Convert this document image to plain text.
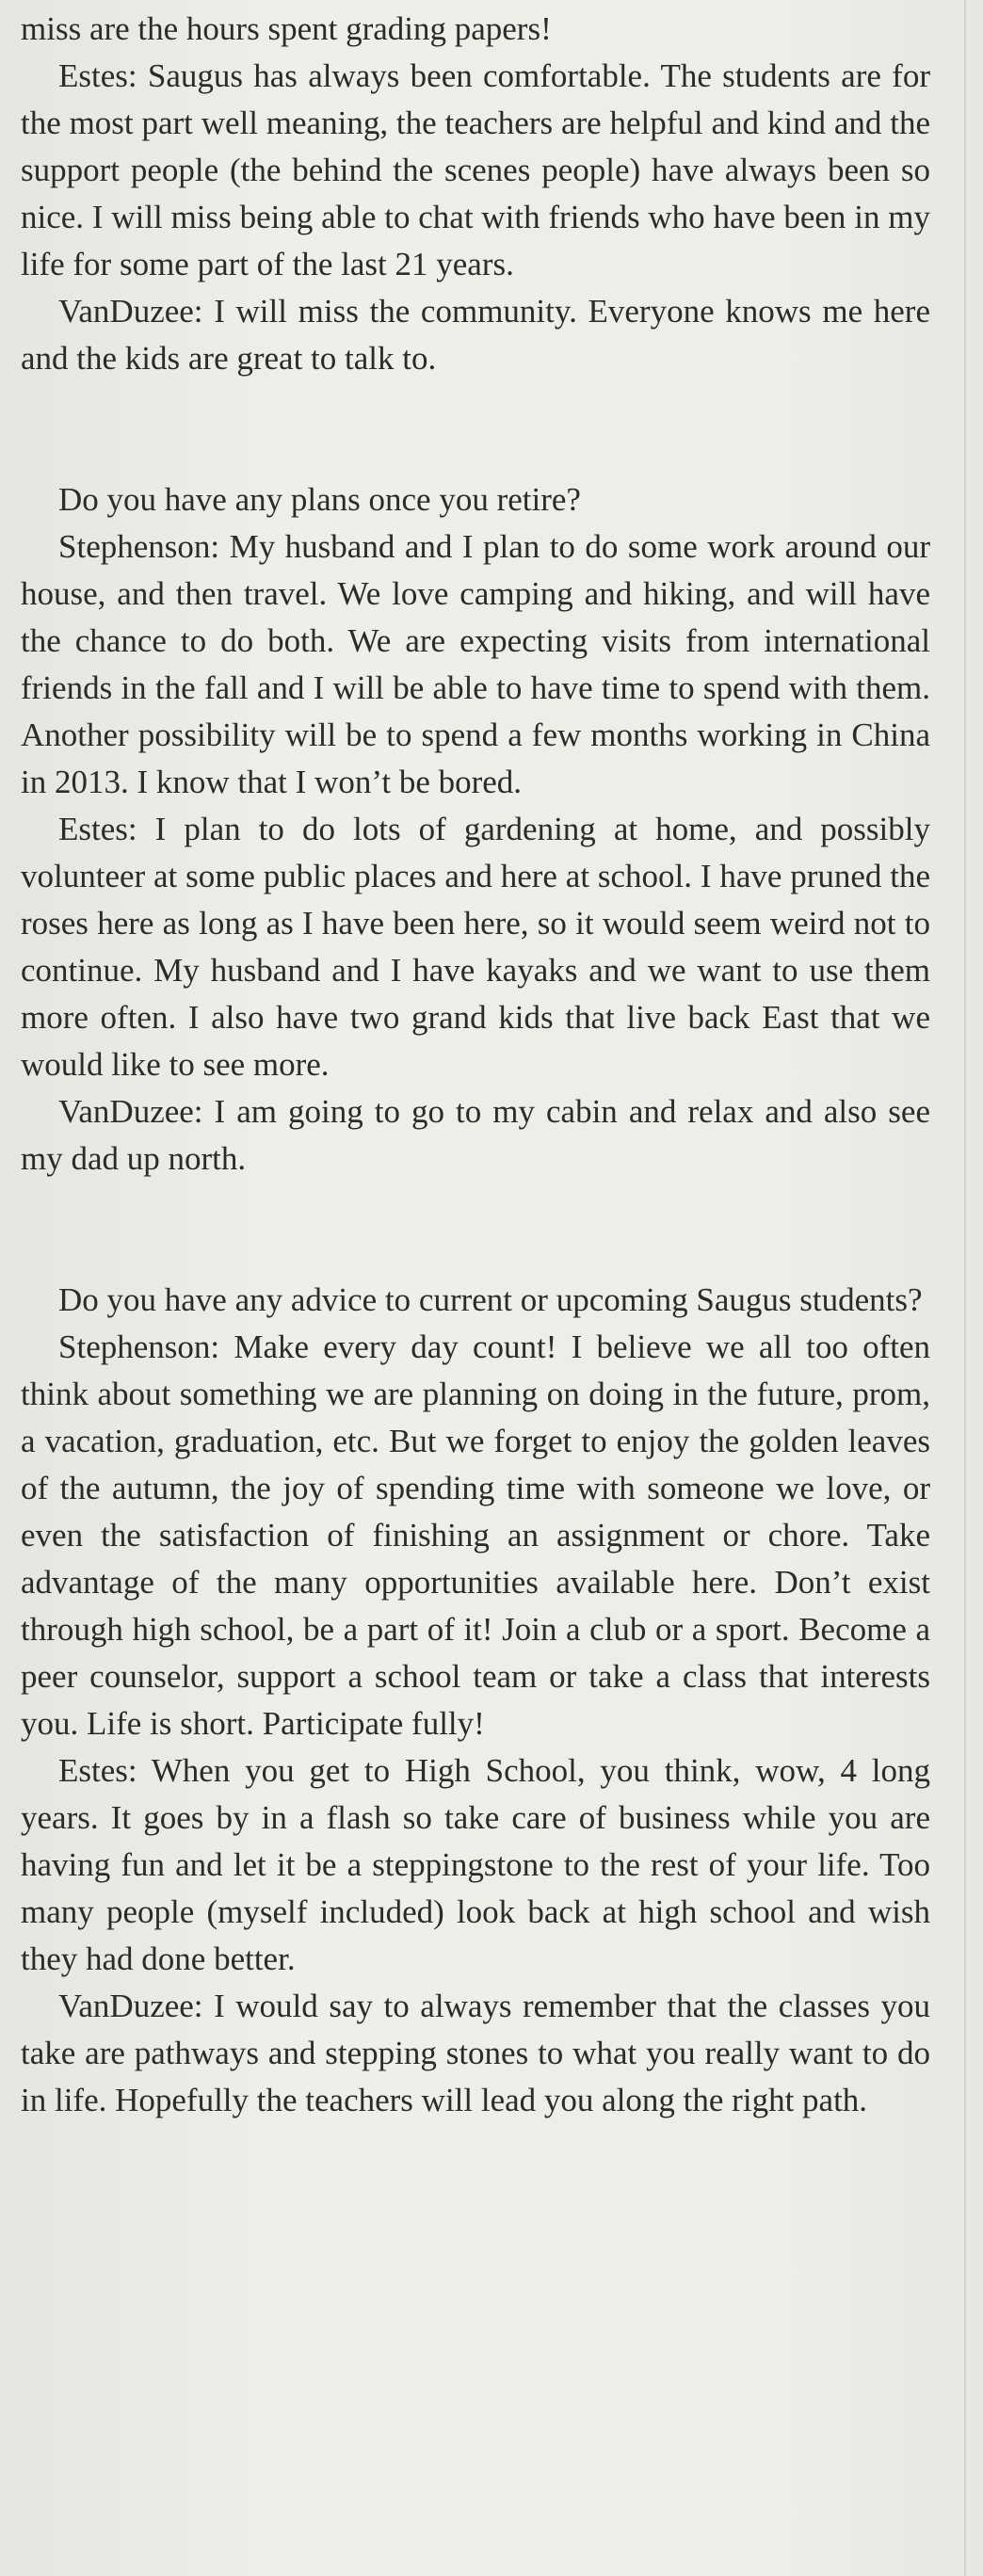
miss are the hours spent grading papers!

Estes: Saugus has always been comfortable. The students are for the most part well meaning, the teachers are helpful and kind and the support people (the behind the scenes people) have always been so nice. I will miss being able to chat with friends who have been in my life for some part of the last 21 years.

VanDuzee: I will miss the community. Everyone knows me here and the kids are great to talk to.

Do you have any plans once you retire?

Stephenson: My husband and I plan to do some work around our house, and then travel. We love camping and hiking, and will have the chance to do both. We are expecting visits from international friends in the fall and I will be able to have time to spend with them. Another possibility will be to spend a few months working in China in 2013. I know that I won’t be bored.

Estes: I plan to do lots of gardening at home, and possibly volunteer at some public places and here at school. I have pruned the roses here as long as I have been here, so it would seem weird not to continue. My husband and I have kayaks and we want to use them more often. I also have two grand kids that live back East that we would like to see more.

VanDuzee: I am going to go to my cabin and relax and also see my dad up north.

Do you have any advice to current or upcoming Saugus students?

Stephenson: Make every day count! I believe we all too often think about something we are planning on doing in the future, prom, a vacation, graduation, etc. But we forget to enjoy the golden leaves of the autumn, the joy of spending time with someone we love, or even the satisfaction of finishing an assignment or chore. Take advantage of the many opportunities available here. Don’t exist through high school, be a part of it! Join a club or a sport. Become a peer counselor, support a school team or take a class that interests you. Life is short. Participate fully!

Estes: When you get to High School, you think, wow, 4 long years. It goes by in a flash so take care of business while you are having fun and let it be a steppingstone to the rest of your life. Too many people (myself included) look back at high school and wish they had done better.

VanDuzee: I would say to always remember that the classes you take are pathways and stepping stones to what you really want to do in life. Hopefully the teachers will lead you along the right path.
